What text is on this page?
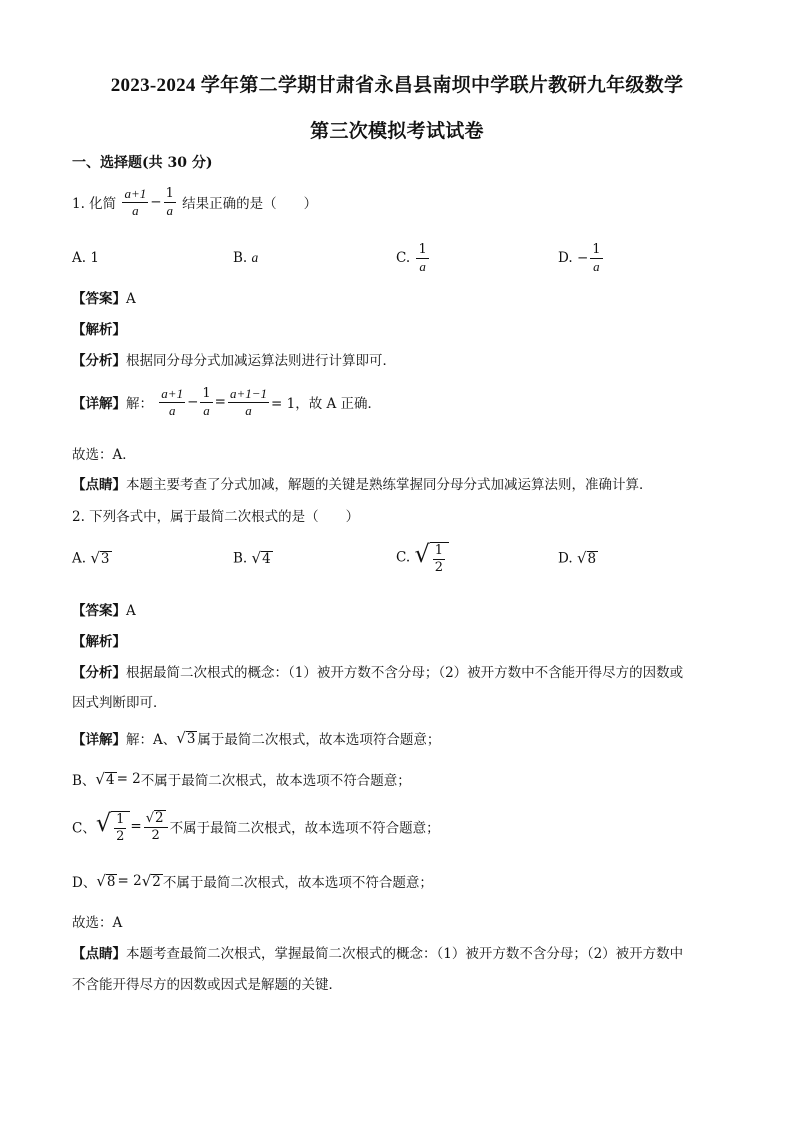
2023-2024 学年第二学期甘肃省永昌县南坝中学联片教研九年级数学
第三次模拟考试试卷
一、选择题(共 30 分)
1. 化简 $\frac{a+1}{a} - \frac{1}{a}$ 结果正确的是（　　）
A. 1	B. a	C. $\frac{1}{a}$	D. − $\frac{1}{a}$
【答案】A
【解析】
【分析】根据同分母分式加减运算法则进行计算即可．
【详解】解： $\frac{a+1}{a} - \frac{1}{a} = \frac{a+1-1}{a} = 1$，故 A 正确．
故选：A．
【点睛】本题主要考查了分式加减，解题的关键是熟练掌握同分母分式加减运算法则，准确计算．
2. 下列各式中，属于最简二次根式的是（　　）
A. √3	B. √4	C. √ $\frac{1}{2}$	D. √8
【答案】A
【解析】
【分析】根据最简二次根式的概念：（1）被开方数不含分母；（2）被开方数中不含能开得尽方的因数或
因式判断即可．
【详解】解：A、√3 属于最简二次根式，故本选项符合题意；
B、√4 = 2不属于最简二次根式，故本选项不符合题意；
C、√ $\frac{1}{2} = \frac{√2}{2}$ 不属于最简二次根式，故本选项不符合题意；
D、√8 = 2√2 不属于最简二次根式，故本选项不符合题意；
故选：A
【点睛】本题考查最简二次根式，掌握最简二次根式的概念：（1）被开方数不含分母；（2）被开方数中
不含能开得尽方的因数或因式是解题的关键．
